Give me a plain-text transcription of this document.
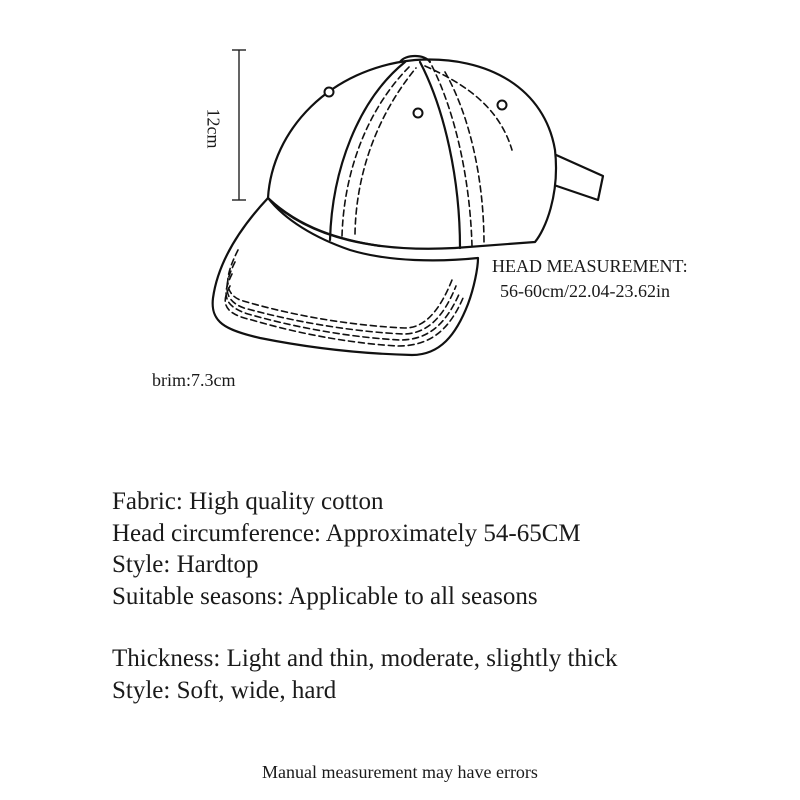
12cm
HEAD MEASUREMENT:
56-60cm/22.04-23.62in
brim:7.3cm
Fabric: High quality cotton
Head circumference: Approximately 54-65CM
Style: Hardtop
Suitable seasons: Applicable to all seasons
Thickness: Light and thin, moderate, slightly thick
Style: Soft, wide, hard
Manual measurement may have errors
